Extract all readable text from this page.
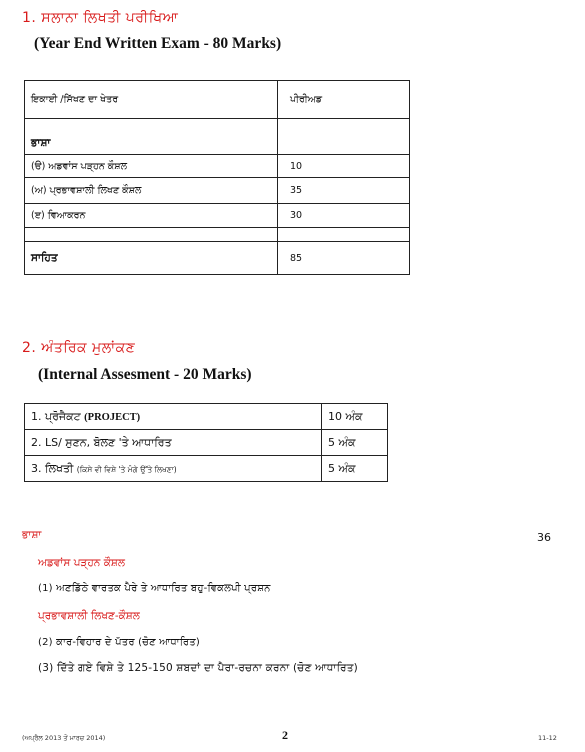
1. ਸਲਾਨਾ ਲਿਖਤੀ ਪਰੀਖਿਆ
(Year End Written Exam - 80 Marks)
ਇਕਾਈ /ਸਿੱਖਣ ਦਾ ਖੇਤਰ	ਪੀਰੀਅਡ
ਭਾਸ਼ਾ	
(ੳ) ਅਡਵਾਂਸ ਪੜ੍ਹਨ ਕੌਸ਼ਲ	10
(ਅ) ਪ੍ਰਭਾਵਸ਼ਾਲੀ ਲਿਖਣ ਕੌਸ਼ਲ	35
(ੲ) ਵਿਆਕਰਨ	30

ਸਾਹਿਤ	85
2. ਅੰਤਰਿਕ ਮੁਲਾਂਕਣ
(Internal Assesment - 20 Marks)
1. ਪ੍ਰੋਜੈਕਟ (PROJECT)	10 ਅੰਕ
2. LS/ ਸੁਣਨ, ਬੋਲਣ 'ਤੇ ਆਧਾਰਿਤ	5 ਅੰਕ
3. ਲਿਖਤੀ (ਕਿਸੇ ਵੀ ਵਿਸ਼ੇ 'ਤੇ ਮੰਗੇ ਉੱਤੇ ਲਿਖਣਾ)	5 ਅੰਕ
ਭਾਸ਼ਾ	36
ਅਡਵਾਂਸ ਪੜ੍ਹਨ ਕੌਸ਼ਲ
(1) ਅਣਡਿੱਠੇ ਵਾਰਤਕ ਪੈਰੇ ਤੇ ਆਧਾਰਿਤ ਬਹੁ-ਵਿਕਲਪੀ ਪ੍ਰਸ਼ਨ
ਪ੍ਰਭਾਵਸ਼ਾਲੀ ਲਿਖਣ-ਕੌਸ਼ਲ
(2) ਕਾਰ-ਵਿਹਾਰ ਦੇ ਪੱਤਰ (ਚੋਣ ਆਧਾਰਿਤ)
(3) ਦਿੱਤੇ ਗਏ ਵਿਸ਼ੇ ਤੇ 125-150 ਸ਼ਬਦਾਂ ਦਾ ਪੈਰਾ-ਰਚਨਾ ਕਰਨਾ (ਚੋਣ ਆਧਾਰਿਤ)
(ਅਪ੍ਰੈਲ 2013 ਤੋਂ ਮਾਰਚ 2014)	2	11-12
